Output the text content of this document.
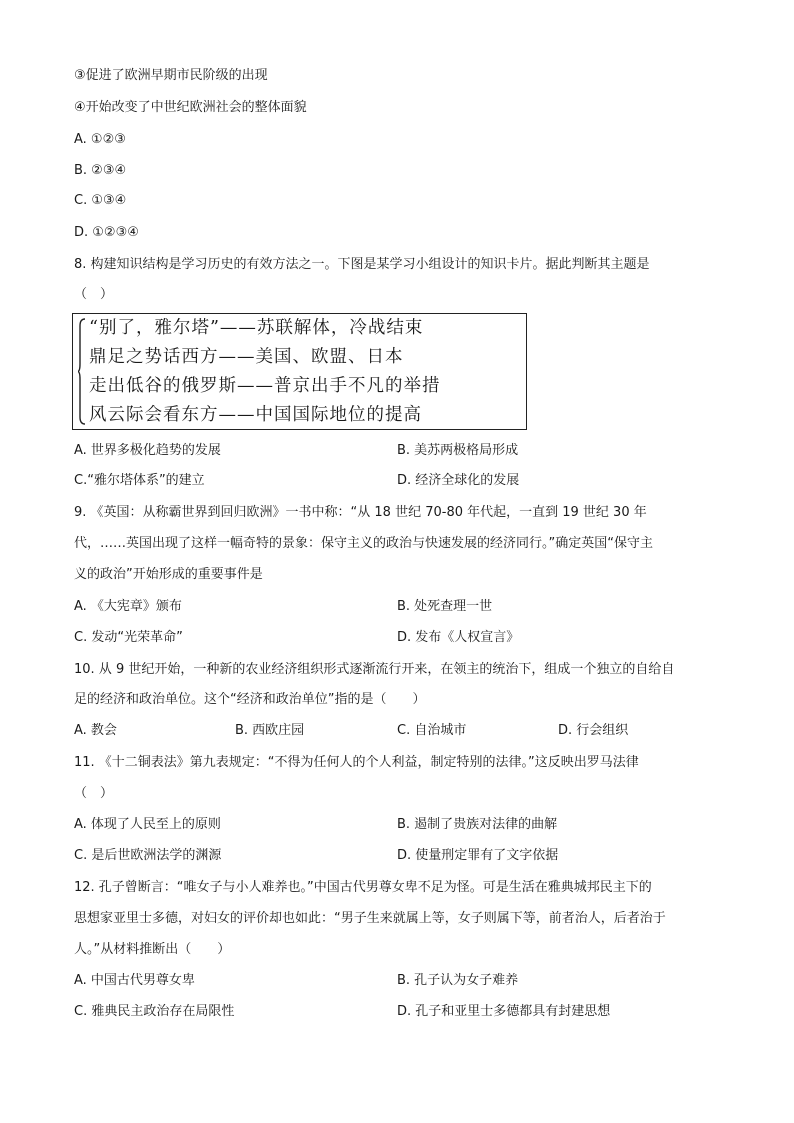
③促进了欧洲早期市民阶级的出现
④开始改变了中世纪欧洲社会的整体面貌
A. ①②③
B. ②③④
C. ①③④
D. ①②③④
8. 构建知识结构是学习历史的有效方法之一。下图是某学习小组设计的知识卡片。据此判断其主题是
（　）
“别了，雅尔塔”——苏联解体，冷战结束
鼎足之势话西方——美国、欧盟、日本
走出低谷的俄罗斯——普京出手不凡的举措
风云际会看东方——中国国际地位的提高
A. 世界多极化趋势的发展	B. 美苏两极格局形成
C.“雅尔塔体系”的建立	D. 经济全球化的发展
9. 《英国：从称霸世界到回归欧洲》一书中称：“从 18 世纪 70-80 年代起，一直到 19 世纪 30 年
代，……英国出现了这样一幅奇特的景象：保守主义的政治与快速发展的经济同行。”确定英国“保守主
义的政治”开始形成的重要事件是
A. 《大宪章》颁布	B. 处死查理一世
C. 发动“光荣革命”	D. 发布《人权宣言》
10. 从 9 世纪开始，一种新的农业经济组织形式逐渐流行开来，在领主的统治下，组成一个独立的自给自
足的经济和政治单位。这个“经济和政治单位”指的是（　　）
A. 教会	B. 西欧庄园	C. 自治城市	D. 行会组织
11. 《十二铜表法》第九表规定：“不得为任何人的个人利益，制定特别的法律。”这反映出罗马法律
（　）
A. 体现了人民至上的原则	B. 遏制了贵族对法律的曲解
C. 是后世欧洲法学的渊源	D. 使量刑定罪有了文字依据
12. 孔子曾断言：“唯女子与小人难养也。”中国古代男尊女卑不足为怪。可是生活在雅典城邦民主下的
思想家亚里士多德，对妇女的评价却也如此：“男子生来就属上等，女子则属下等，前者治人，后者治于
人。”从材料推断出（　　）
A. 中国古代男尊女卑	B. 孔子认为女子难养
C. 雅典民主政治存在局限性	D. 孔子和亚里士多德都具有封建思想
